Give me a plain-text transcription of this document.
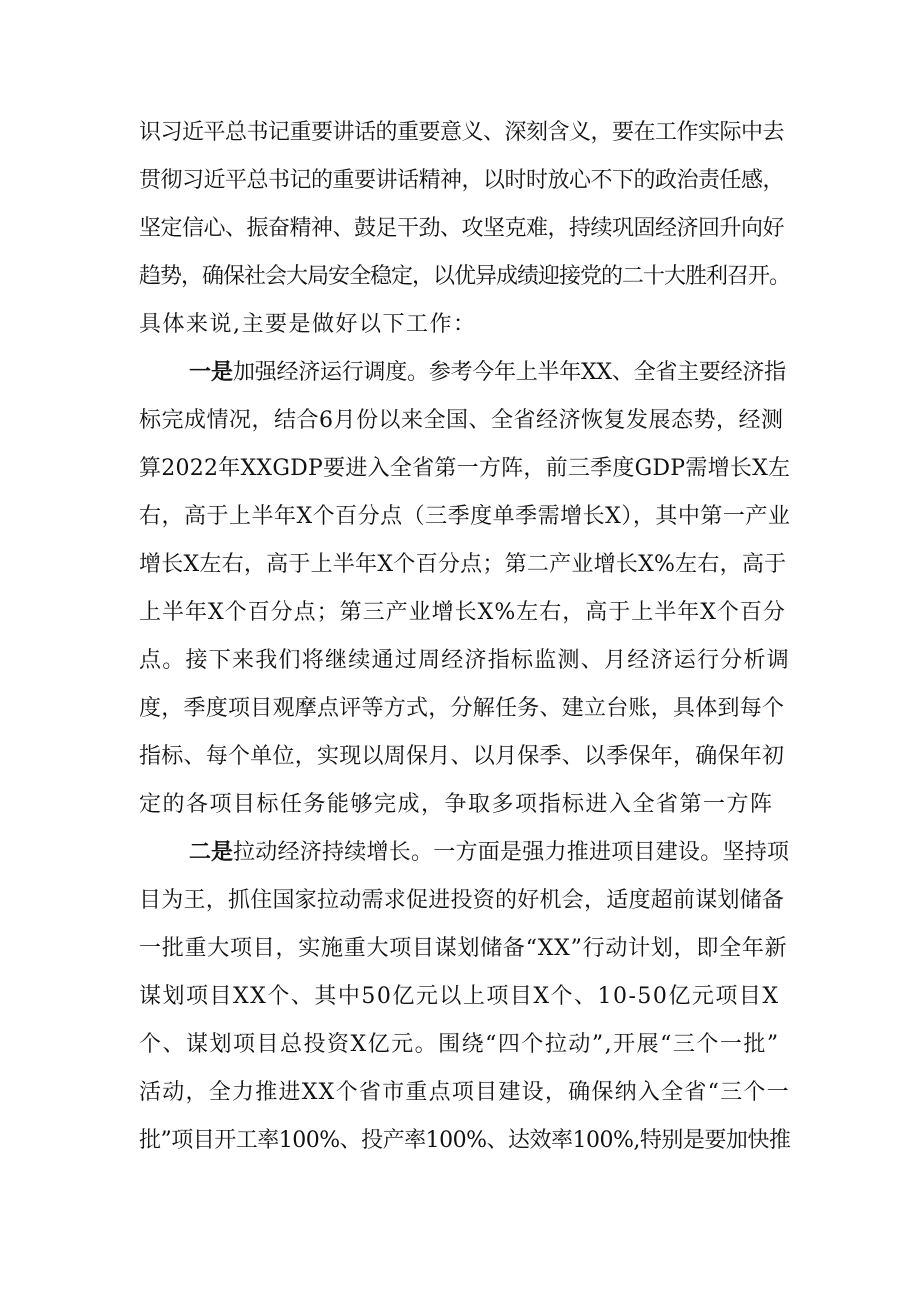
识习近平总书记重要讲话的重要意义、深刻含义，要在工作实际中去
贯彻习近平总书记的重要讲话精神，以时时放心不下的政治责任感，
坚定信心、振奋精神、鼓足干劲、攻坚克难，持续巩固经济回升向好
趋势，确保社会大局安全稳定，以优异成绩迎接党的二十大胜利召开。
具体来说,主要是做好以下工作：
一是加强经济运行调度。参考今年上半年XX、全省主要经济指
标完成情况，结合6月份以来全国、全省经济恢复发展态势，经测
算2022年XXGDP要进入全省第一方阵，前三季度GDP需增长X左
右，高于上半年X个百分点（三季度单季需增长X），其中第一产业
增长X左右，高于上半年X个百分点；第二产业增长X%左右，高于
上半年X个百分点；第三产业增长X%左右，高于上半年X个百分
点。接下来我们将继续通过周经济指标监测、月经济运行分析调
度，季度项目观摩点评等方式，分解任务、建立台账，具体到每个
指标、每个单位，实现以周保月、以月保季、以季保年，确保年初
定的各项目标任务能够完成，争取多项指标进入全省第一方阵
二是拉动经济持续增长。一方面是强力推进项目建设。坚持项
目为王，抓住国家拉动需求促进投资的好机会，适度超前谋划储备
一批重大项目，实施重大项目谋划储备“XX”行动计划，即全年新
谋划项目XX个、其中50亿元以上项目X个、10-50亿元项目X
个、谋划项目总投资X亿元。围绕“四个拉动”,开展“三个一批”
活动，全力推进XX个省市重点项目建设，确保纳入全省“三个一
批”项目开工率100%、投产率100%、达效率100%,特别是要加快推
